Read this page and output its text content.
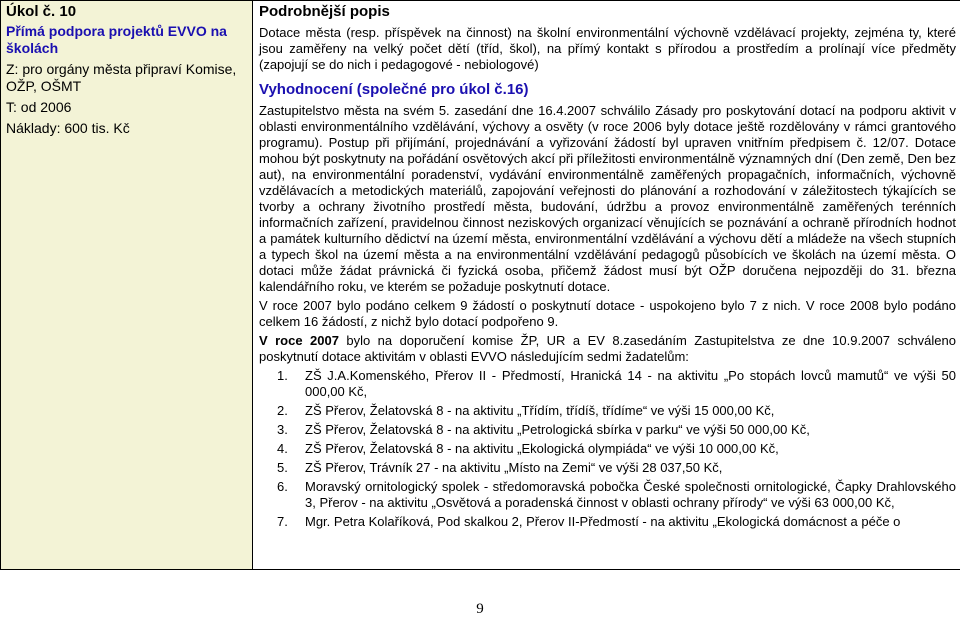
Úkol č. 10
Přímá podpora projektů EVVO na školách
Z: pro orgány města připraví Komise, OŽP, OŠMT
T: od 2006
Náklady: 600 tis. Kč

Podrobnější popis

Dotace města (resp. příspěvek na činnost) na školní environmentální výchovně vzdělávací projekty, zejména ty, které jsou zaměřeny na velký počet dětí (tříd, škol), na přímý kontakt s přírodou a prostředím a prolínají více předměty (zapojují se do nich i pedagogové - nebiologové)

Vyhodnocení (společné pro úkol č.16)

Zastupitelstvo města na svém 5. zasedání dne 16.4.2007 schválilo Zásady pro poskytování dotací na podporu aktivit v oblasti environmentálního vzdělávání, výchovy a osvěty (v roce 2006 byly dotace ještě rozdělovány v rámci grantového programu). Postup při přijímání, projednávání a vyřizování žádostí byl upraven vnitřním předpisem č. 12/07. Dotace mohou být poskytnuty na pořádání osvětových akcí při příležitosti environmentálně významných dní (Den země, Den bez aut), na environmentální poradenství, vydávání environmentálně zaměřených propagačních, informačních, výchovně vzdělávacích a metodických materiálů, zapojování veřejnosti do plánování a rozhodování v záležitostech týkajících se tvorby a ochrany životního prostředí města, budování, údržbu a provoz environmentálně zaměřených terénních informačních zařízení, pravidelnou činnost neziskových organizací věnujících se poznávání a ochraně přírodních hodnot a památek kulturního dědictví na území města, environmentální vzdělávání a výchovu dětí a mládeže na všech stupních a typech škol na území města a na environmentální vzdělávání pedagogů působících ve školách na území města. O dotaci může žádat právnická či fyzická osoba, přičemž žádost musí být OŽP doručena nejpozději do 31. března kalendářního roku, ve kterém se požaduje poskytnutí dotace.

V roce 2007 bylo podáno celkem 9 žádostí o poskytnutí dotace - uspokojeno bylo 7 z nich. V roce 2008 bylo podáno celkem 16 žádostí, z nichž bylo dotací podpořeno 9.

V roce 2007 bylo na doporučení komise ŽP, UR a EV 8.zasedáním Zastupitelstva ze dne 10.9.2007 schváleno poskytnutí dotace aktivitám v oblasti EVVO následujícím sedmi žadatelům:

1.	ZŠ J.A.Komenského, Přerov II - Předmostí, Hranická 14 - na aktivitu „Po stopách lovců mamutů“ ve výši 50 000,00 Kč,
2.	ZŠ Přerov, Želatovská 8 - na aktivitu „Třídím, třídíš, třídíme“ ve výši 15 000,00 Kč,
3.	ZŠ Přerov, Želatovská 8 - na aktivitu „Petrologická sbírka v parku“ ve výši 50 000,00 Kč,
4.	ZŠ Přerov, Želatovská 8 - na aktivitu „Ekologická olympiáda“ ve výši 10 000,00 Kč,
5.	ZŠ Přerov, Trávník 27 - na aktivitu „Místo na Zemi“ ve výši 28 037,50 Kč,
6.	Moravský ornitologický spolek - středomoravská pobočka České společnosti ornitologické, Čapky Drahlovského 3, Přerov - na aktivitu „Osvětová a poradenská činnost v oblasti ochrany přírody“ ve výši 63 000,00 Kč,
7.	Mgr. Petra Kolaříková, Pod skalkou 2, Přerov II-Předmostí - na aktivitu „Ekologická domácnost a péče o
9
